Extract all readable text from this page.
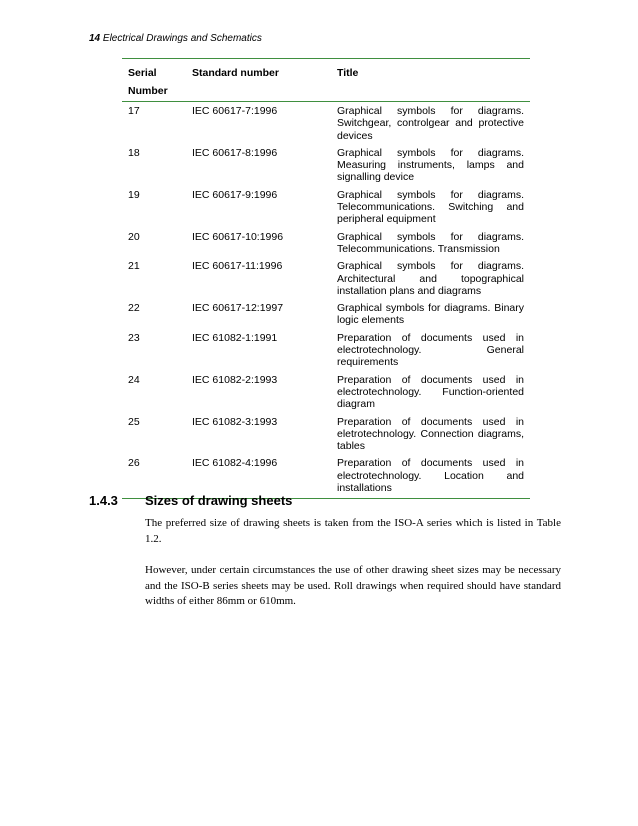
14 Electrical Drawings and Schematics
Serial	Standard number	Title
Number		
17	IEC 60617-7:1996	Graphical symbols for diagrams. Switchgear, controlgear and protective devices
18	IEC 60617-8:1996	Graphical symbols for diagrams. Measuring instruments, lamps and signalling device
19	IEC 60617-9:1996	Graphical symbols for diagrams. Telecommunications. Switching and peripheral equipment
20	IEC 60617-10:1996	Graphical symbols for diagrams. Telecommunications. Transmission
21	IEC 60617-11:1996	Graphical symbols for diagrams. Architectural and topographical installation plans and diagrams
22	IEC 60617-12:1997	Graphical symbols for diagrams. Binary logic elements
23	IEC 61082-1:1991	Preparation of documents used in electrotechnology. General requirements
24	IEC 61082-2:1993	Preparation of documents used in electrotechnology. Function-oriented diagram
25	IEC 61082-3:1993	Preparation of documents used in eletrotechnology. Connection diagrams, tables
26	IEC 61082-4:1996	Preparation of documents used in electrotechnology. Location and installations
1.4.3 Sizes of drawing sheets

The preferred size of drawing sheets is taken from the ISO-A series which is listed in Table 1.2.

However, under certain circumstances the use of other drawing sheet sizes may be necessary and the ISO-B series sheets may be used. Roll drawings when required should have standard widths of either 86mm or 610mm.
